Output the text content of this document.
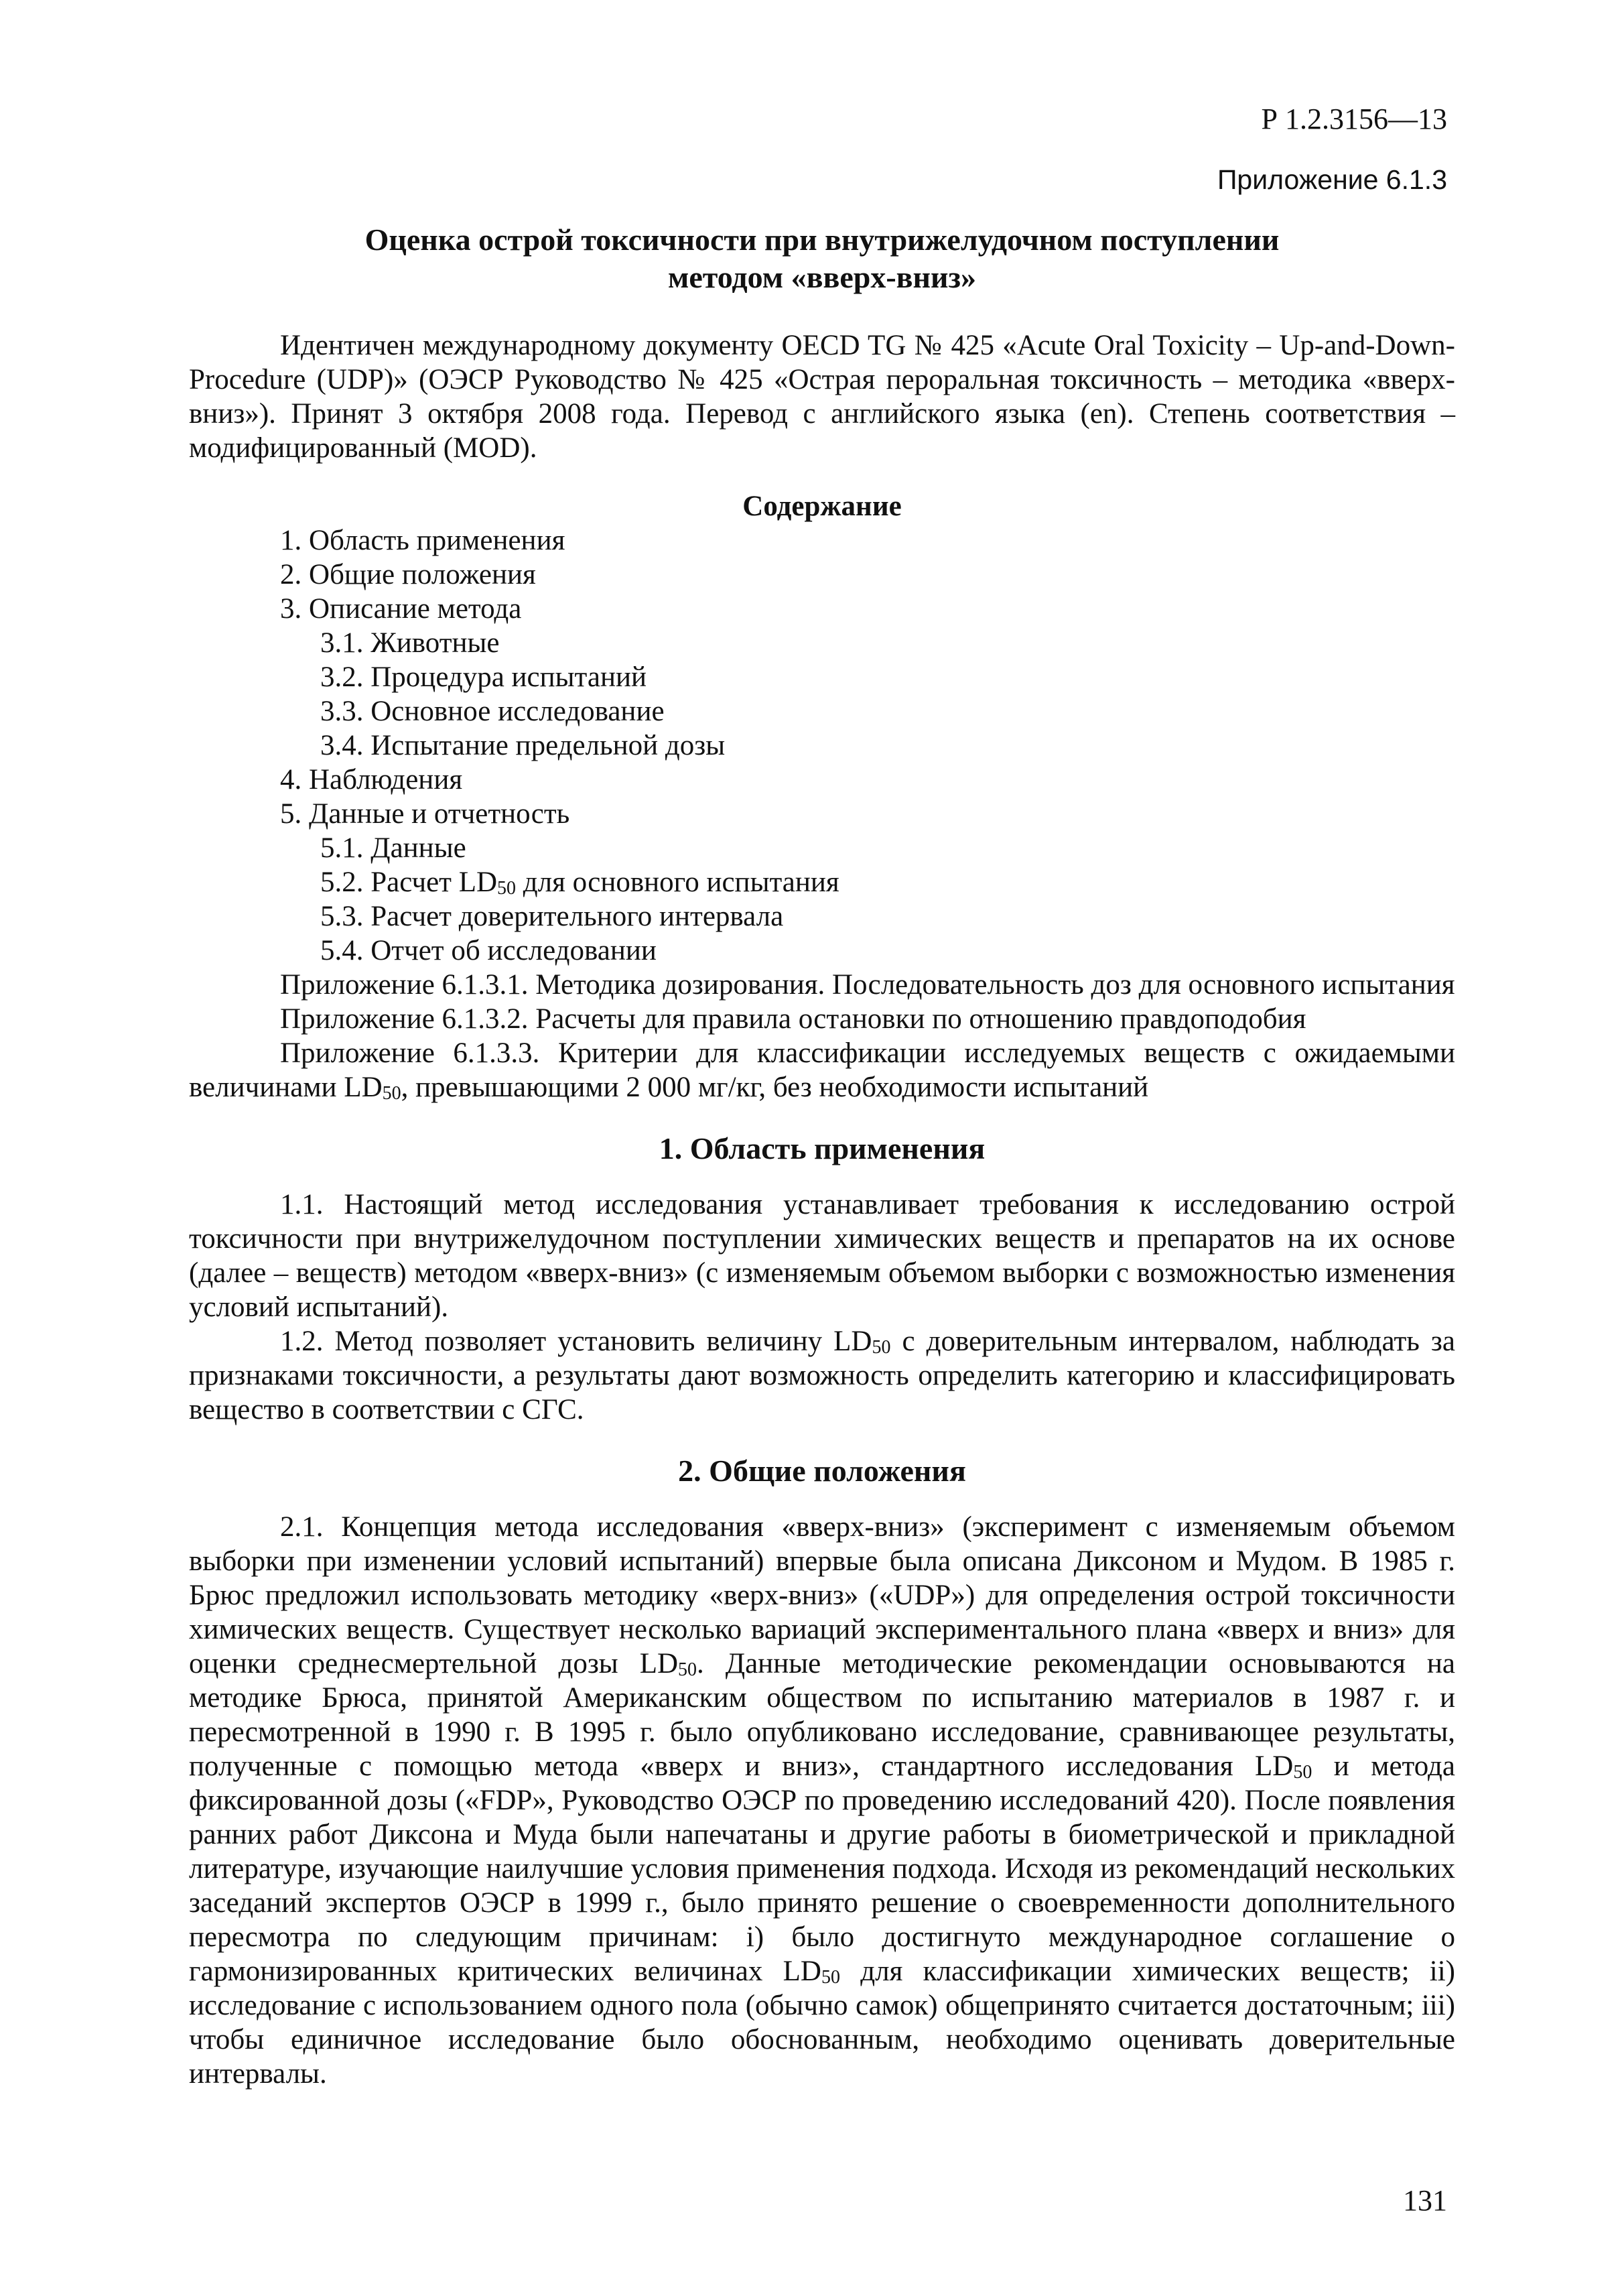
Р 1.2.3156—13
Приложение 6.1.3
Оценка острой токсичности при внутрижелудочном поступлении
методом «вверх-вниз»

Идентичен международному документу OECD TG № 425 «Acute Oral Toxicity – Up-and-Down-Procedure (UDP)» (ОЭСР Руководство № 425 «Острая пероральная токсичность – методика «вверх-вниз»). Принят 3 октября 2008 года. Перевод с английского языка (en). Степень соответствия – модифицированный (MOD).

Содержание
1. Область применения
2. Общие положения
3. Описание метода
3.1. Животные
3.2. Процедура испытаний
3.3. Основное исследование
3.4. Испытание предельной дозы
4. Наблюдения
5. Данные и отчетность
5.1. Данные
5.2. Расчет $LD_{50}$ для основного испытания
5.3. Расчет доверительного интервала
5.4. Отчет об исследовании
Приложение 6.1.3.1. Методика дозирования. Последовательность доз для основного испытания
Приложение 6.1.3.2. Расчеты для правила остановки по отношению правдоподобия
Приложение 6.1.3.3. Критерии для классификации исследуемых веществ с ожидаемыми величинами $LD_{50}$, превышающими 2 000 мг/кг, без необходимости испытаний
1. Область применения

1.1. Настоящий метод исследования устанавливает требования к исследованию острой токсичности при внутрижелудочном поступлении химических веществ и препаратов на их основе (далее – веществ) методом «вверх-вниз» (с изменяемым объемом выборки с возможностью изменения условий испытаний).

1.2. Метод позволяет установить величину $LD_{50}$ с доверительным интервалом, наблюдать за признаками токсичности, а результаты дают возможность определить категорию и классифицировать вещество в соответствии с СГС.

2. Общие положения

2.1. Концепция метода исследования «вверх-вниз» (эксперимент с изменяемым объемом выборки при изменении условий испытаний) впервые была описана Диксоном и Мудом. В 1985 г. Брюс предложил использовать методику «верх-вниз» («UDP») для определения острой токсичности химических веществ. Существует несколько вариаций экспериментального плана «вверх и вниз» для оценки среднесмертельной дозы $LD_{50}$. Данные методические рекомендации основываются на методике Брюса, принятой Американским обществом по испытанию материалов в 1987 г. и пересмотренной в 1990 г. В 1995 г. было опубликовано исследование, сравнивающее результаты, полученные с помощью метода «вверх и вниз», стандартного исследования $LD_{50}$ и метода фиксированной дозы («FDP», Руководство ОЭСР по проведению исследований 420). После появления ранних работ Диксона и Муда были напечатаны и другие работы в биометрической и прикладной литературе, изучающие наилучшие условия применения подхода. Исходя из рекомендаций нескольких заседаний экспертов ОЭСР в 1999 г., было принято решение о своевременности дополнительного пересмотра по следующим причинам: i) было достигнуто международное соглашение о гармонизированных критических величинах $LD_{50}$ для классификации химических веществ; ii) исследование с использованием одного пола (обычно самок) общепринято считается достаточным; iii) чтобы единичное исследование было обоснованным, необходимо оценивать доверительные интервалы.

131
